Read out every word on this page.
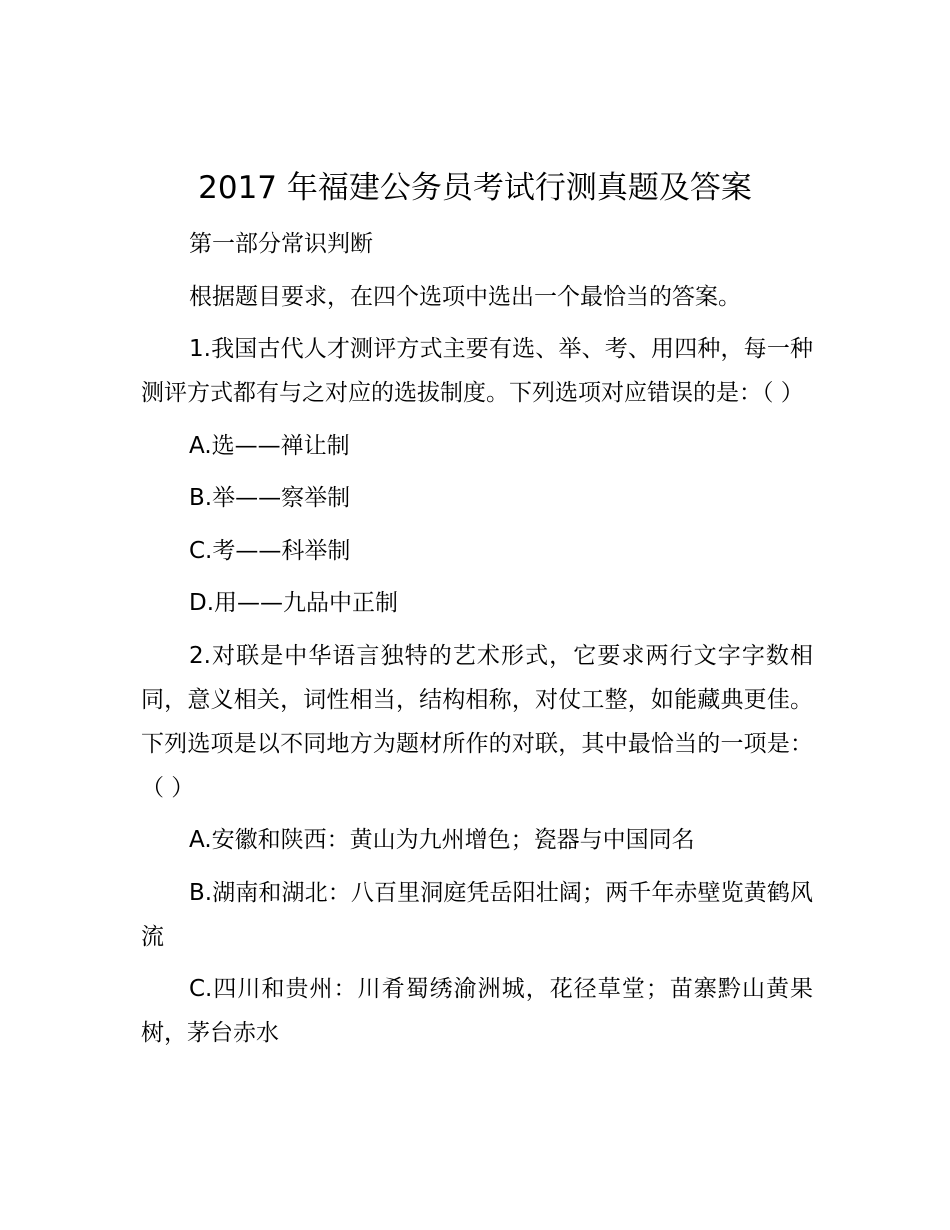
2017 年福建公务员考试行测真题及答案

第一部分常识判断

根据题目要求，在四个选项中选出一个最恰当的答案。

1.我国古代人才测评方式主要有选、举、考、用四种，每一种测评方式都有与之对应的选拔制度。下列选项对应错误的是：（ ）

A.选——禅让制

B.举——察举制

C.考——科举制

D.用——九品中正制

2.对联是中华语言独特的艺术形式，它要求两行文字字数相同，意义相关，词性相当，结构相称，对仗工整，如能藏典更佳。下列选项是以不同地方为题材所作的对联，其中最恰当的一项是：（ ）

A.安徽和陕西：黄山为九州增色；瓷器与中国同名

B.湖南和湖北：八百里洞庭凭岳阳壮阔；两千年赤壁览黄鹤风流

C.四川和贵州：川肴蜀绣渝洲城，花径草堂；苗寨黔山黄果树，茅台赤水
